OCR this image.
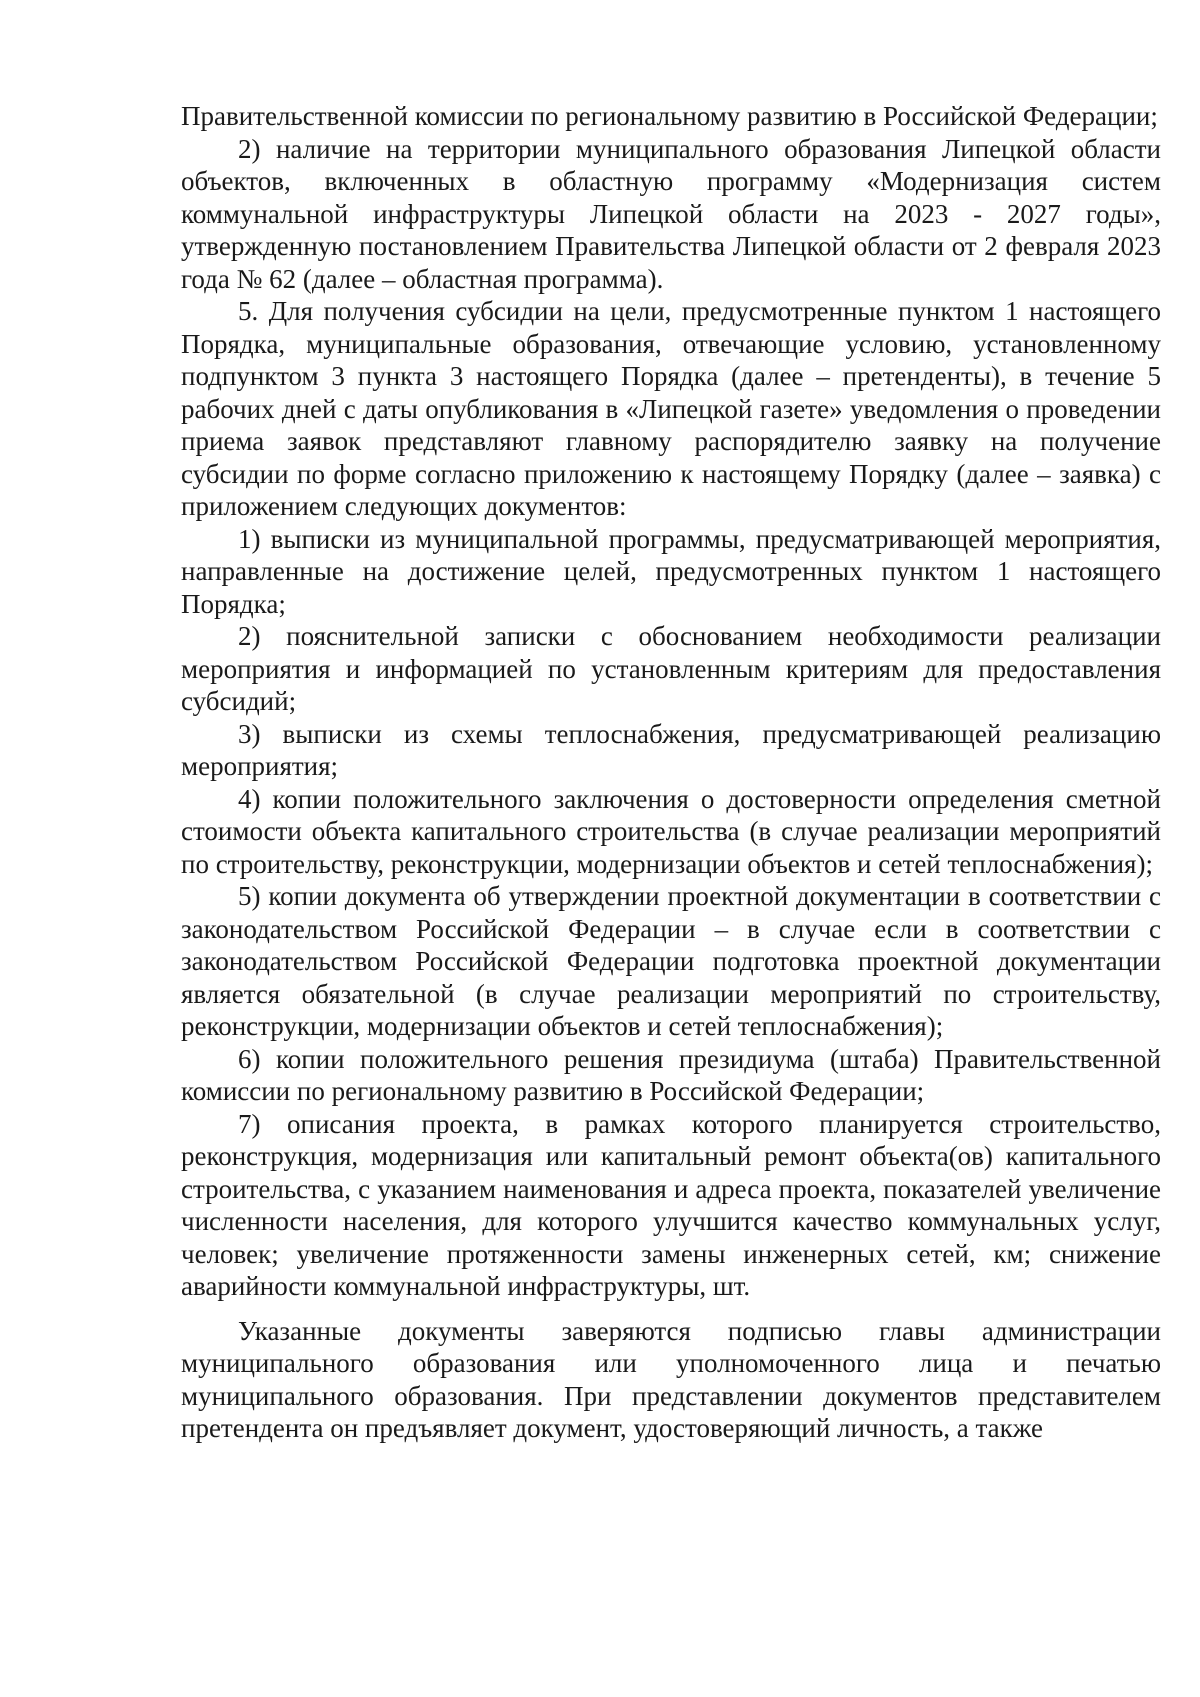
Правительственной комиссии по региональному развитию в Российской Федерации;

2) наличие на территории муниципального образования Липецкой области объектов, включенных в областную программу «Модернизация систем коммунальной инфраструктуры Липецкой области на 2023 - 2027 годы», утвержденную постановлением Правительства Липецкой области от 2 февраля 2023 года № 62 (далее – областная программа).

5. Для получения субсидии на цели, предусмотренные пунктом 1 настоящего Порядка, муниципальные образования, отвечающие условию, установленному подпунктом 3 пункта 3 настоящего Порядка (далее – претенденты), в течение 5 рабочих дней с даты опубликования в «Липецкой газете» уведомления о проведении приема заявок представляют главному распорядителю заявку на получение субсидии по форме согласно приложению к настоящему Порядку (далее – заявка) с приложением следующих документов:

1) выписки из муниципальной программы, предусматривающей мероприятия, направленные на достижение целей, предусмотренных пунктом 1 настоящего Порядка;

2) пояснительной записки с обоснованием необходимости реализации мероприятия и информацией по установленным критериям для предоставления субсидий;

3) выписки из схемы теплоснабжения, предусматривающей реализацию мероприятия;

4) копии положительного заключения о достоверности определения сметной стоимости объекта капитального строительства (в случае реализации мероприятий по строительству, реконструкции, модернизации объектов и сетей теплоснабжения);

5) копии документа об утверждении проектной документации в соответствии с законодательством Российской Федерации – в случае если в соответствии с законодательством Российской Федерации подготовка проектной документации является обязательной (в случае реализации мероприятий по строительству, реконструкции, модернизации объектов и сетей теплоснабжения);

6) копии положительного решения президиума (штаба) Правительственной комиссии по региональному развитию в Российской Федерации;

7) описания проекта, в рамках которого планируется строительство, реконструкция, модернизация или капитальный ремонт объекта(ов) капитального строительства, с указанием наименования и адреса проекта, показателей увеличение численности населения, для которого улучшится качество коммунальных услуг, человек; увеличение протяженности замены инженерных сетей, км; снижение аварийности коммунальной инфраструктуры, шт.

Указанные документы заверяются подписью главы администрации муниципального образования или уполномоченного лица и печатью муниципального образования. При представлении документов представителем претендента он предъявляет документ, удостоверяющий личность, а также
